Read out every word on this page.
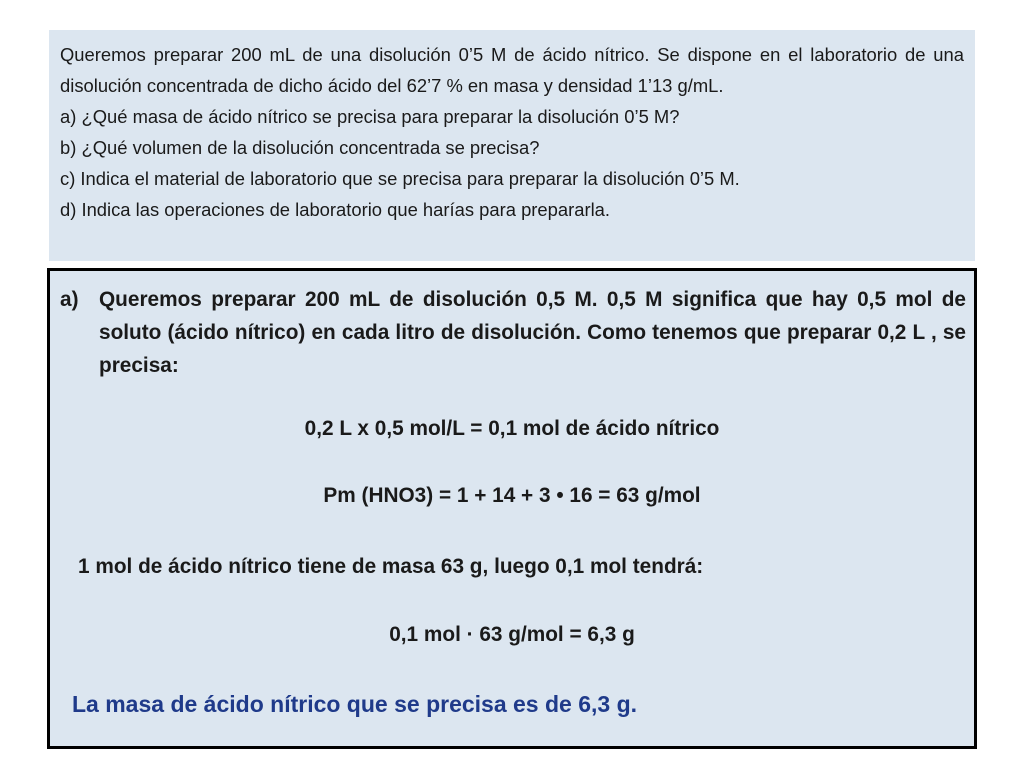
Queremos preparar 200 mL de una disolución 0’5 M de ácido nítrico. Se dispone en el laboratorio de una disolución concentrada de dicho ácido del 62’7 % en masa y densidad 1’13 g/mL.

a) ¿Qué masa de ácido nítrico se precisa para preparar la disolución 0’5 M?
b) ¿Qué volumen de la disolución concentrada se precisa?
c) Indica el material de laboratorio que se precisa para preparar la disolución 0’5 M.
d) Indica las operaciones de laboratorio que harías para prepararla.
a) Queremos preparar 200 mL de disolución 0,5 M. 0,5 M significa que hay 0,5 mol de soluto (ácido nítrico) en cada litro de disolución. Como tenemos que preparar 0,2 L , se precisa:
0,2 L x 0,5 mol/L = 0,1 mol de ácido nítrico
Pm (HNO3) = 1 + 14 + 3 • 16 = 63 g/mol
1 mol de ácido nítrico tiene de masa 63 g, luego 0,1 mol tendrá:
0,1 mol · 63 g/mol = 6,3 g
La masa de ácido nítrico que se precisa es de 6,3 g.
